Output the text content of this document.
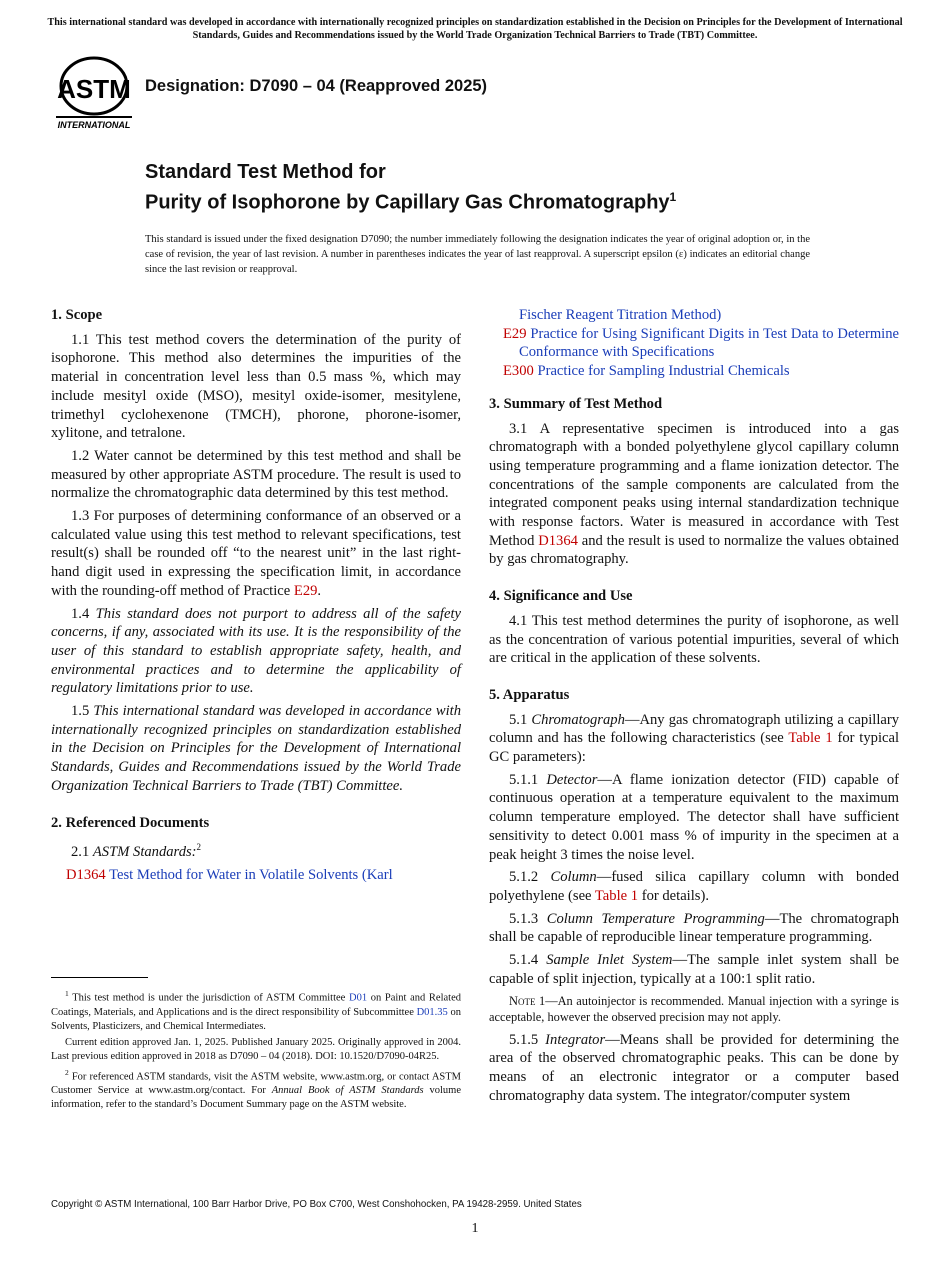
This international standard was developed in accordance with internationally recognized principles on standardization established in the Decision on Principles for the Development of International Standards, Guides and Recommendations issued by the World Trade Organization Technical Barriers to Trade (TBT) Committee.
ASTM
INTERNATIONAL
Designation: D7090 – 04 (Reapproved 2025)
Standard Test Method for
Purity of Isophorone by Capillary Gas Chromatography$^1$
This standard is issued under the fixed designation D7090; the number immediately following the designation indicates the year of original adoption or, in the case of revision, the year of last revision. A number in parentheses indicates the year of last reapproval. A superscript epsilon (ε) indicates an editorial change since the last revision or reapproval.

1. Scope

1.1 This test method covers the determination of the purity of isophorone. This method also determines the impurities of the material in concentration level less than 0.5 mass %, which may include mesityl oxide (MSO), mesityl oxide-isomer, mesitylene, trimethyl cyclohexenone (TMCH), phorone, phorone-isomer, xylitone, and tetralone.

1.2 Water cannot be determined by this test method and shall be measured by other appropriate ASTM procedure. The result is used to normalize the chromatographic data determined by this test method.

1.3 For purposes of determining conformance of an observed or a calculated value using this test method to relevant specifications, test result(s) shall be rounded off “to the nearest unit” in the last right-hand digit used in expressing the specification limit, in accordance with the rounding-off method of Practice E29.

1.4 This standard does not purport to address all of the safety concerns, if any, associated with its use. It is the responsibility of the user of this standard to establish appropriate safety, health, and environmental practices and to determine the applicability of regulatory limitations prior to use.

1.5 This international standard was developed in accordance with internationally recognized principles on standardization established in the Decision on Principles for the Development of International Standards, Guides and Recommendations issued by the World Trade Organization Technical Barriers to Trade (TBT) Committee.

2. Referenced Documents

2.1 ASTM Standards:$^2$

D1364 Test Method for Water in Volatile Solvents (Karl

$^1$ This test method is under the jurisdiction of ASTM Committee D01 on Paint and Related Coatings, Materials, and Applications and is the direct responsibility of Subcommittee D01.35 on Solvents, Plasticizers, and Chemical Intermediates.

Current edition approved Jan. 1, 2025. Published January 2025. Originally approved in 2004. Last previous edition approved in 2018 as D7090 – 04 (2018). DOI: 10.1520/D7090-04R25.

$^2$ For referenced ASTM standards, visit the ASTM website, www.astm.org, or contact ASTM Customer Service at www.astm.org/contact. For Annual Book of ASTM Standards volume information, refer to the standard’s Document Summary page on the ASTM website.

Fischer Reagent Titration Method)

E29 Practice for Using Significant Digits in Test Data to Determine Conformance with Specifications

E300 Practice for Sampling Industrial Chemicals

3. Summary of Test Method

3.1 A representative specimen is introduced into a gas chromatograph with a bonded polyethylene glycol capillary column using temperature programming and a flame ionization detector. The concentrations of the sample components are calculated from the integrated component peaks using internal standardization technique with response factors. Water is measured in accordance with Test Method D1364 and the result is used to normalize the values obtained by gas chromatography.

4. Significance and Use

4.1 This test method determines the purity of isophorone, as well as the concentration of various potential impurities, several of which are critical in the application of these solvents.

5. Apparatus

5.1 Chromatograph—Any gas chromatograph utilizing a capillary column and has the following characteristics (see Table 1 for typical GC parameters):

5.1.1 Detector—A flame ionization detector (FID) capable of continuous operation at a temperature equivalent to the maximum column temperature employed. The detector shall have sufficient sensitivity to detect 0.001 mass % of impurity in the specimen at a peak height 3 times the noise level.

5.1.2 Column—fused silica capillary column with bonded polyethylene (see Table 1 for details).

5.1.3 Column Temperature Programming—The chromatograph shall be capable of reproducible linear temperature programming.

5.1.4 Sample Inlet System—The sample inlet system shall be capable of split injection, typically at a 100:1 split ratio.

Note 1—An autoinjector is recommended. Manual injection with a syringe is acceptable, however the observed precision may not apply.

5.1.5 Integrator—Means shall be provided for determining the area of the observed chromatographic peaks. This can be done by means of an electronic integrator or a computer based chromatography data system. The integrator/computer system

Copyright © ASTM International, 100 Barr Harbor Drive, PO Box C700, West Conshohocken, PA 19428-2959. United States
1
